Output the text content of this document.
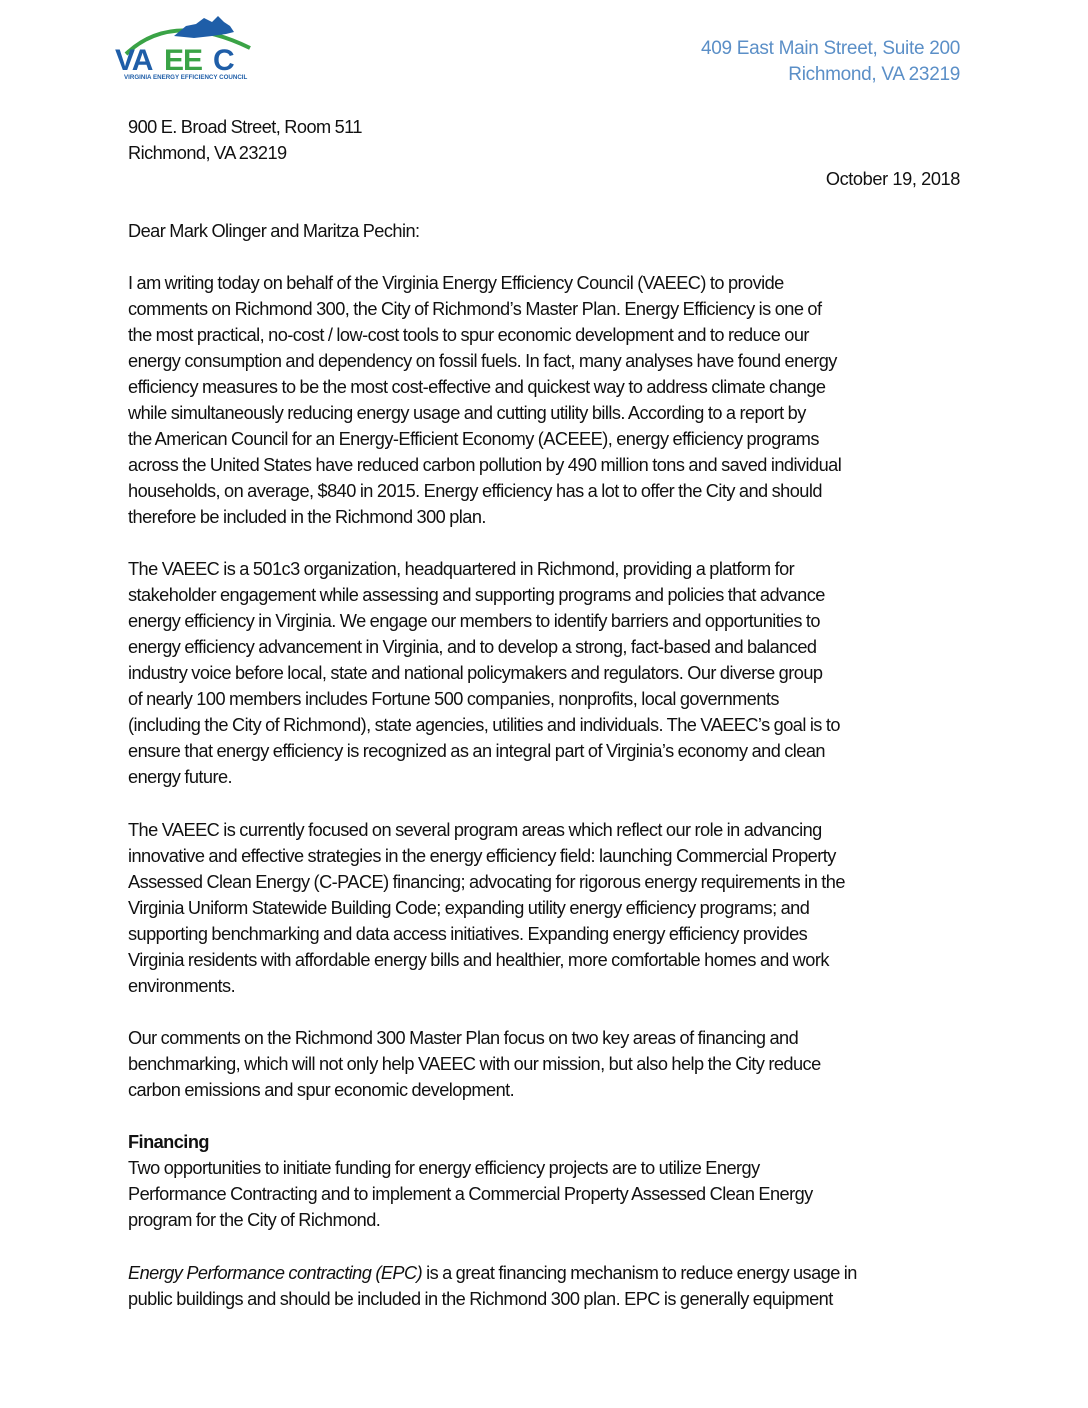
VA EE C
VIRGINIA ENERGY EFFICIENCY COUNCIL
409 East Main Street, Suite 200
Richmond, VA 23219
900 E. Broad Street, Room 511
Richmond, VA 23219
October 19, 2018
Dear Mark Olinger and Maritza Pechin:
I am writing today on behalf of the Virginia Energy Efficiency Council (VAEEC) to provide
comments on Richmond 300, the City of Richmond’s Master Plan. Energy Efficiency is one of
the most practical, no-cost / low-cost tools to spur economic development and to reduce our
energy consumption and dependency on fossil fuels. In fact, many analyses have found energy
efficiency measures to be the most cost-effective and quickest way to address climate change
while simultaneously reducing energy usage and cutting utility bills. According to a report by
the American Council for an Energy-Efficient Economy (ACEEE), energy efficiency programs
across the United States have reduced carbon pollution by 490 million tons and saved individual
households, on average, $840 in 2015. Energy efficiency has a lot to offer the City and should
therefore be included in the Richmond 300 plan.
The VAEEC is a 501c3 organization, headquartered in Richmond, providing a platform for
stakeholder engagement while assessing and supporting programs and policies that advance
energy efficiency in Virginia. We engage our members to identify barriers and opportunities to
energy efficiency advancement in Virginia, and to develop a strong, fact-based and balanced
industry voice before local, state and national policymakers and regulators. Our diverse group
of nearly 100 members includes Fortune 500 companies, nonprofits, local governments
(including the City of Richmond), state agencies, utilities and individuals. The VAEEC’s goal is to
ensure that energy efficiency is recognized as an integral part of Virginia’s economy and clean
energy future.
The VAEEC is currently focused on several program areas which reflect our role in advancing
innovative and effective strategies in the energy efficiency field: launching Commercial Property
Assessed Clean Energy (C-PACE) financing; advocating for rigorous energy requirements in the
Virginia Uniform Statewide Building Code; expanding utility energy efficiency programs; and
supporting benchmarking and data access initiatives. Expanding energy efficiency provides
Virginia residents with affordable energy bills and healthier, more comfortable homes and work
environments.
Our comments on the Richmond 300 Master Plan focus on two key areas of financing and
benchmarking, which will not only help VAEEC with our mission, but also help the City reduce
carbon emissions and spur economic development.
Financing
Two opportunities to initiate funding for energy efficiency projects are to utilize Energy
Performance Contracting and to implement a Commercial Property Assessed Clean Energy
program for the City of Richmond.
Energy Performance contracting (EPC) is a great financing mechanism to reduce energy usage in
public buildings and should be included in the Richmond 300 plan. EPC is generally equipment
